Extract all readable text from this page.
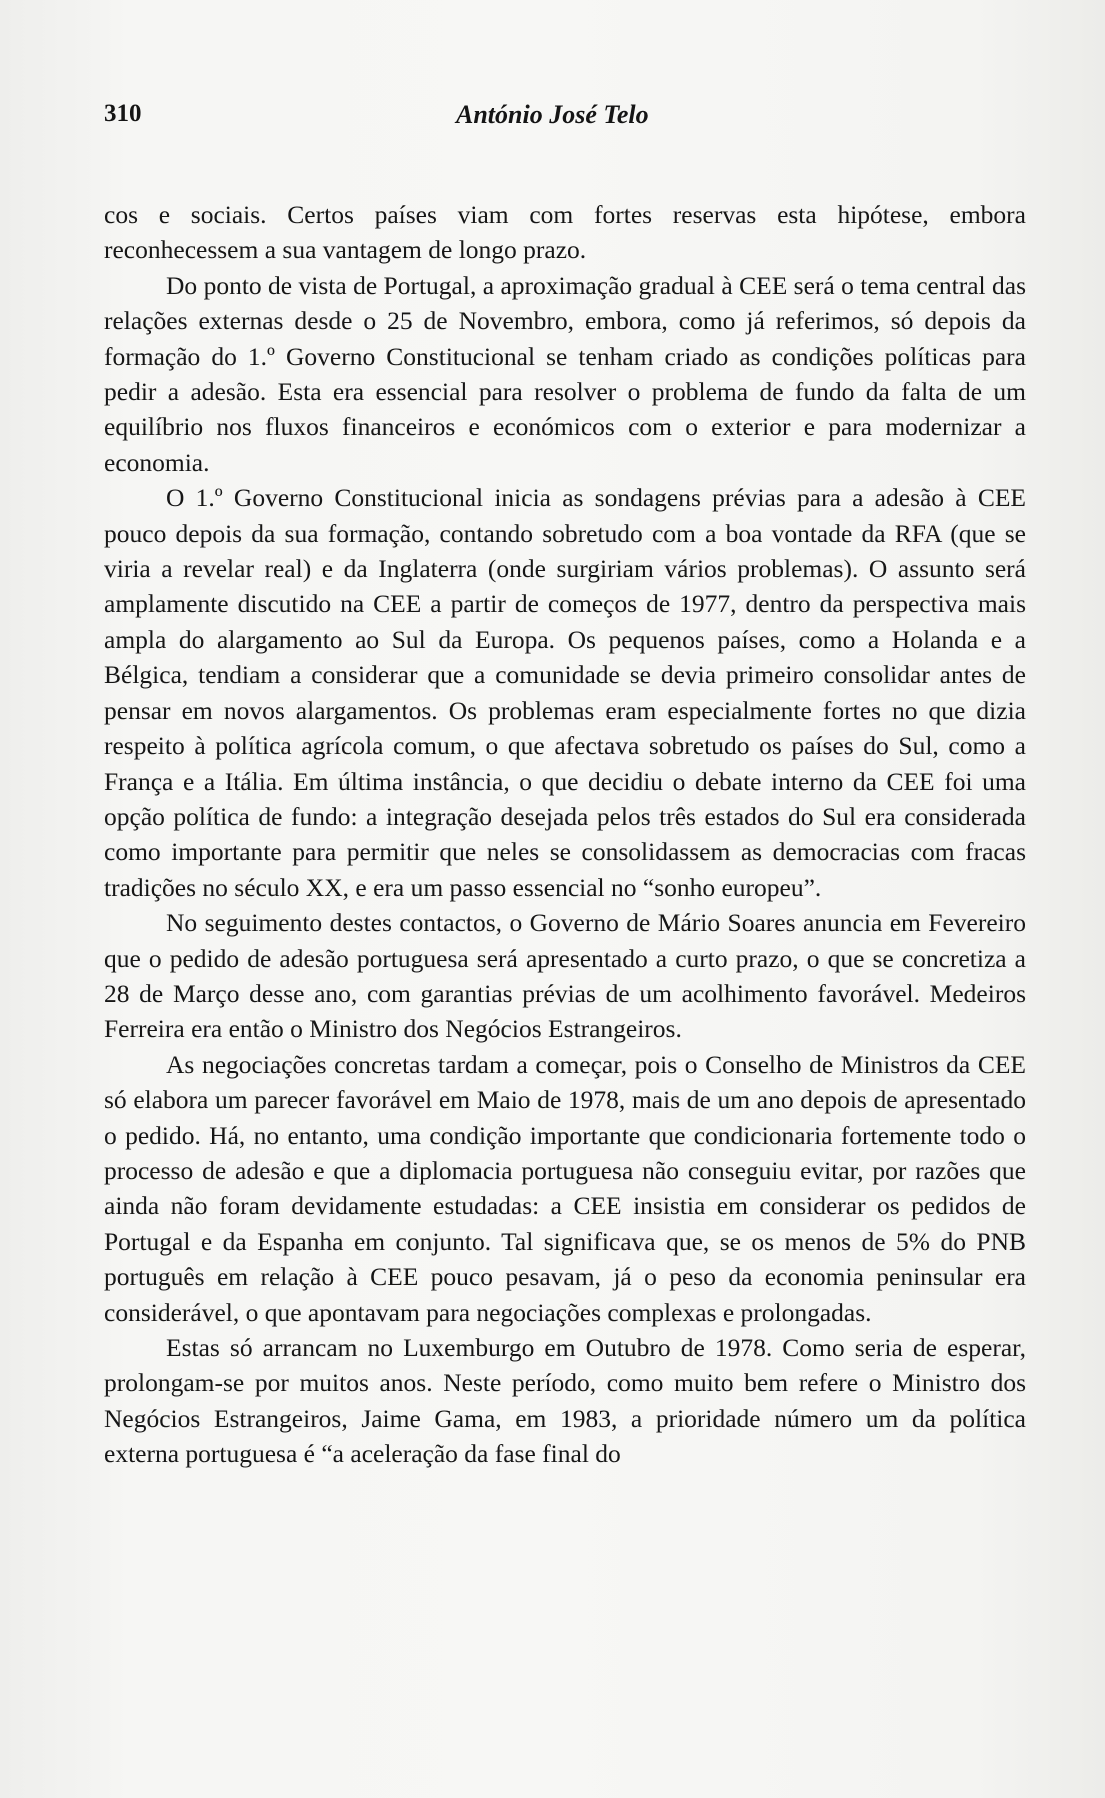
310	António José Telo

cos e sociais. Certos países viam com fortes reservas esta hipótese, embora reconhecessem a sua vantagem de longo prazo.

Do ponto de vista de Portugal, a aproximação gradual à CEE será o tema central das relações externas desde o 25 de Novembro, embora, como já referimos, só depois da formação do 1.º Governo Constitucional se tenham criado as condições políticas para pedir a adesão. Esta era essencial para resolver o problema de fundo da falta de um equilíbrio nos fluxos financeiros e económicos com o exterior e para modernizar a economia.

O 1.º Governo Constitucional inicia as sondagens prévias para a adesão à CEE pouco depois da sua formação, contando sobretudo com a boa vontade da RFA (que se viria a revelar real) e da Inglaterra (onde surgiriam vários problemas). O assunto será amplamente discutido na CEE a partir de começos de 1977, dentro da perspectiva mais ampla do alargamento ao Sul da Europa. Os pequenos países, como a Holanda e a Bélgica, tendiam a considerar que a comunidade se devia primeiro consolidar antes de pensar em novos alargamentos. Os problemas eram especialmente fortes no que dizia respeito à política agrícola comum, o que afectava sobretudo os países do Sul, como a França e a Itália. Em última instância, o que decidiu o debate interno da CEE foi uma opção política de fundo: a integração desejada pelos três estados do Sul era considerada como importante para permitir que neles se consolidassem as democracias com fracas tradições no século XX, e era um passo essencial no “sonho europeu”.

No seguimento destes contactos, o Governo de Mário Soares anuncia em Fevereiro que o pedido de adesão portuguesa será apresentado a curto prazo, o que se concretiza a 28 de Março desse ano, com garantias prévias de um acolhimento favorável. Medeiros Ferreira era então o Ministro dos Negócios Estrangeiros.

As negociações concretas tardam a começar, pois o Conselho de Ministros da CEE só elabora um parecer favorável em Maio de 1978, mais de um ano depois de apresentado o pedido. Há, no entanto, uma condição importante que condicionaria fortemente todo o processo de adesão e que a diplomacia portuguesa não conseguiu evitar, por razões que ainda não foram devidamente estudadas: a CEE insistia em considerar os pedidos de Portugal e da Espanha em conjunto. Tal significava que, se os menos de 5% do PNB português em relação à CEE pouco pesavam, já o peso da economia peninsular era considerável, o que apontavam para negociações complexas e prolongadas.

Estas só arrancam no Luxemburgo em Outubro de 1978. Como seria de esperar, prolongam-se por muitos anos. Neste período, como muito bem refere o Ministro dos Negócios Estrangeiros, Jaime Gama, em 1983, a prioridade número um da política externa portuguesa é “a aceleração da fase final do
